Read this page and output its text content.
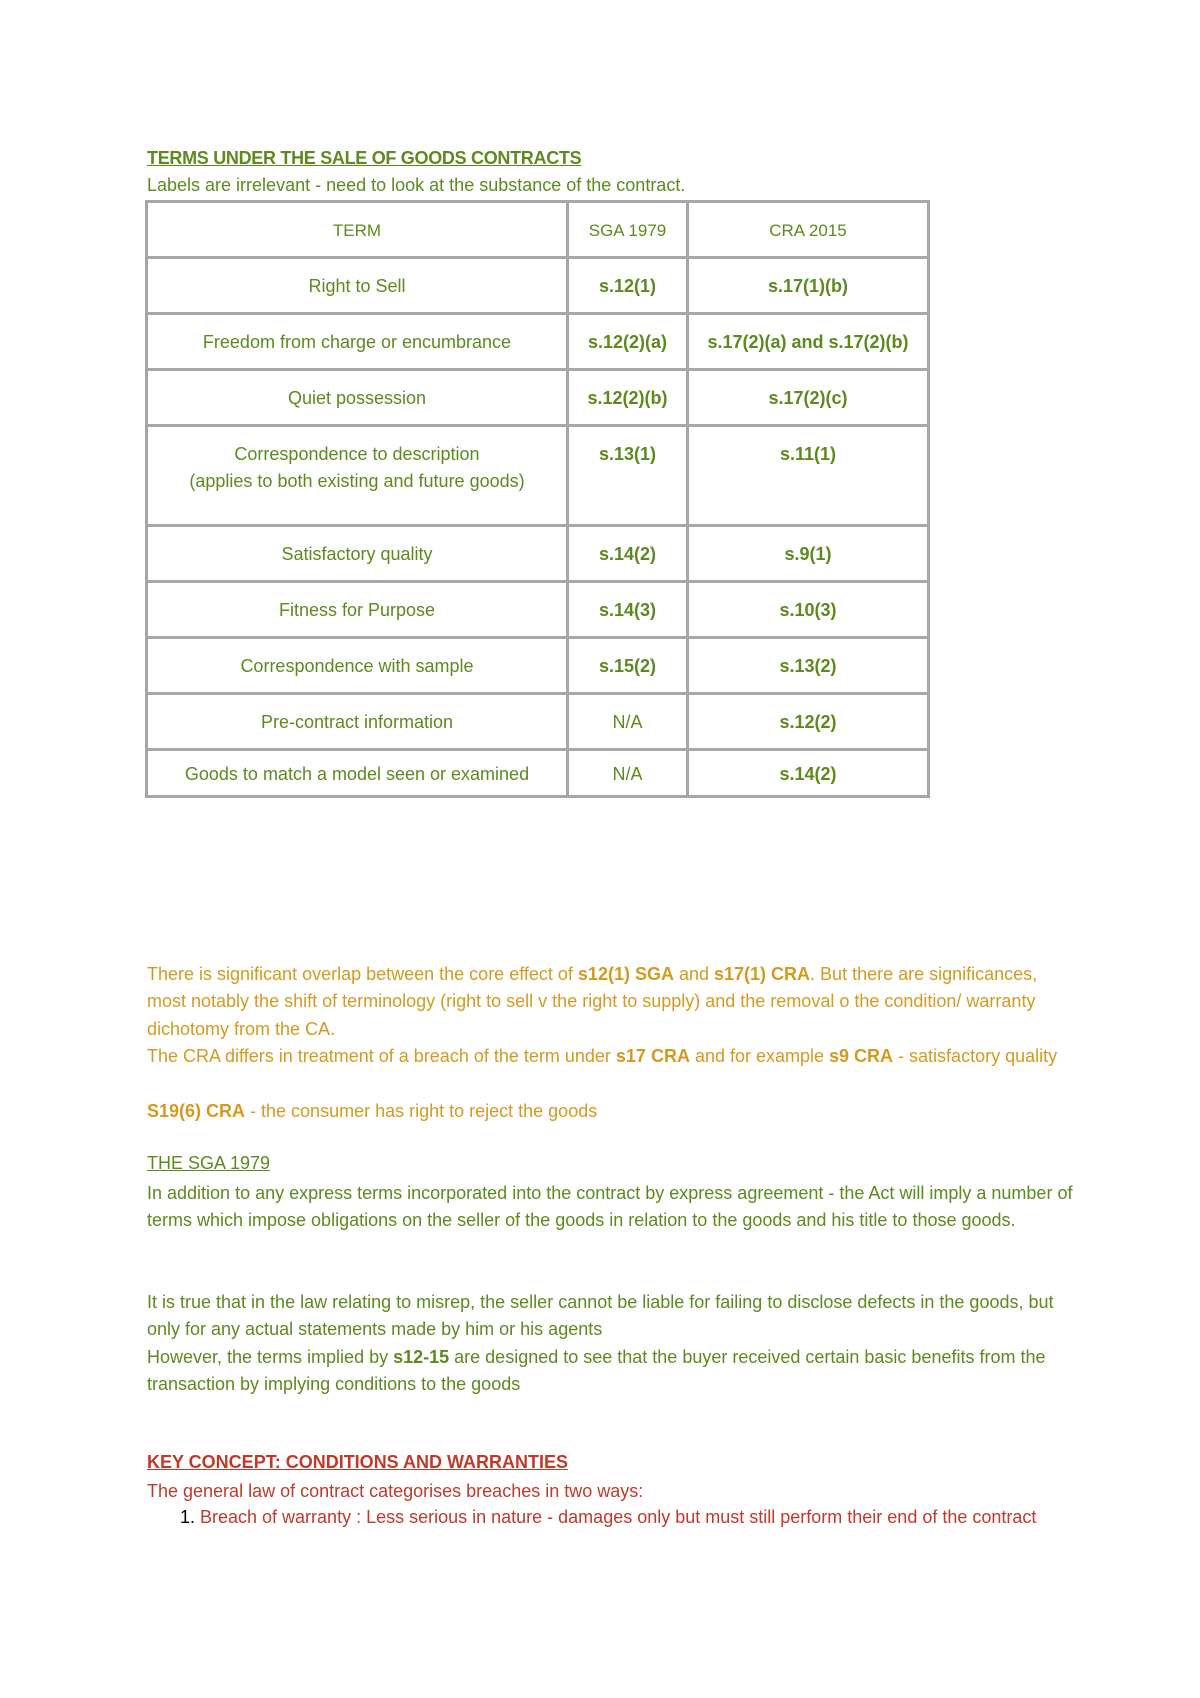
TERMS UNDER THE SALE OF GOODS CONTRACTS
Labels are irrelevant - need to look at the substance of the contract.
TERM	SGA 1979	CRA 2015
Right to Sell	s.12(1)	s.17(1)(b)
Freedom from charge or encumbrance	s.12(2)(a)	s.17(2)(a) and s.17(2)(b)
Quiet possession	s.12(2)(b)	s.17(2)(c)

Correspondence to description
(applies to both existing and future goods)	s.13(1)	s.11(1)
Satisfactory quality	s.14(2)	s.9(1)
Fitness for Purpose	s.14(3)	s.10(3)
Correspondence with sample	s.15(2)	s.13(2)
Pre-contract information	N/A	s.12(2)
Goods to match a model seen or examined	N/A	s.14(2)
There is significant overlap between the core effect of s12(1) SGA and s17(1) CRA. But there are significances, most notably the shift of terminology (right to sell v the right to supply) and the removal o the condition/ warranty dichotomy from the CA.
The CRA differs in treatment of a breach of the term under s17 CRA and for example s9 CRA - satisfactory quality
S19(6) CRA - the consumer has right to reject the goods
THE SGA 1979
In addition to any express terms incorporated into the contract by express agreement - the Act will imply a number of terms which impose obligations on the seller of the goods in relation to the goods and his title to those goods.
It is true that in the law relating to misrep, the seller cannot be liable for failing to disclose defects in the goods, but only for any actual statements made by him or his agents
However, the terms implied by s12-15 are designed to see that the buyer received certain basic benefits from the transaction by implying conditions to the goods
KEY CONCEPT: CONDITIONS AND WARRANTIES
The general law of contract categorises breaches in two ways:
1. Breach of warranty : Less serious in nature - damages only but must still perform their end of the contract
